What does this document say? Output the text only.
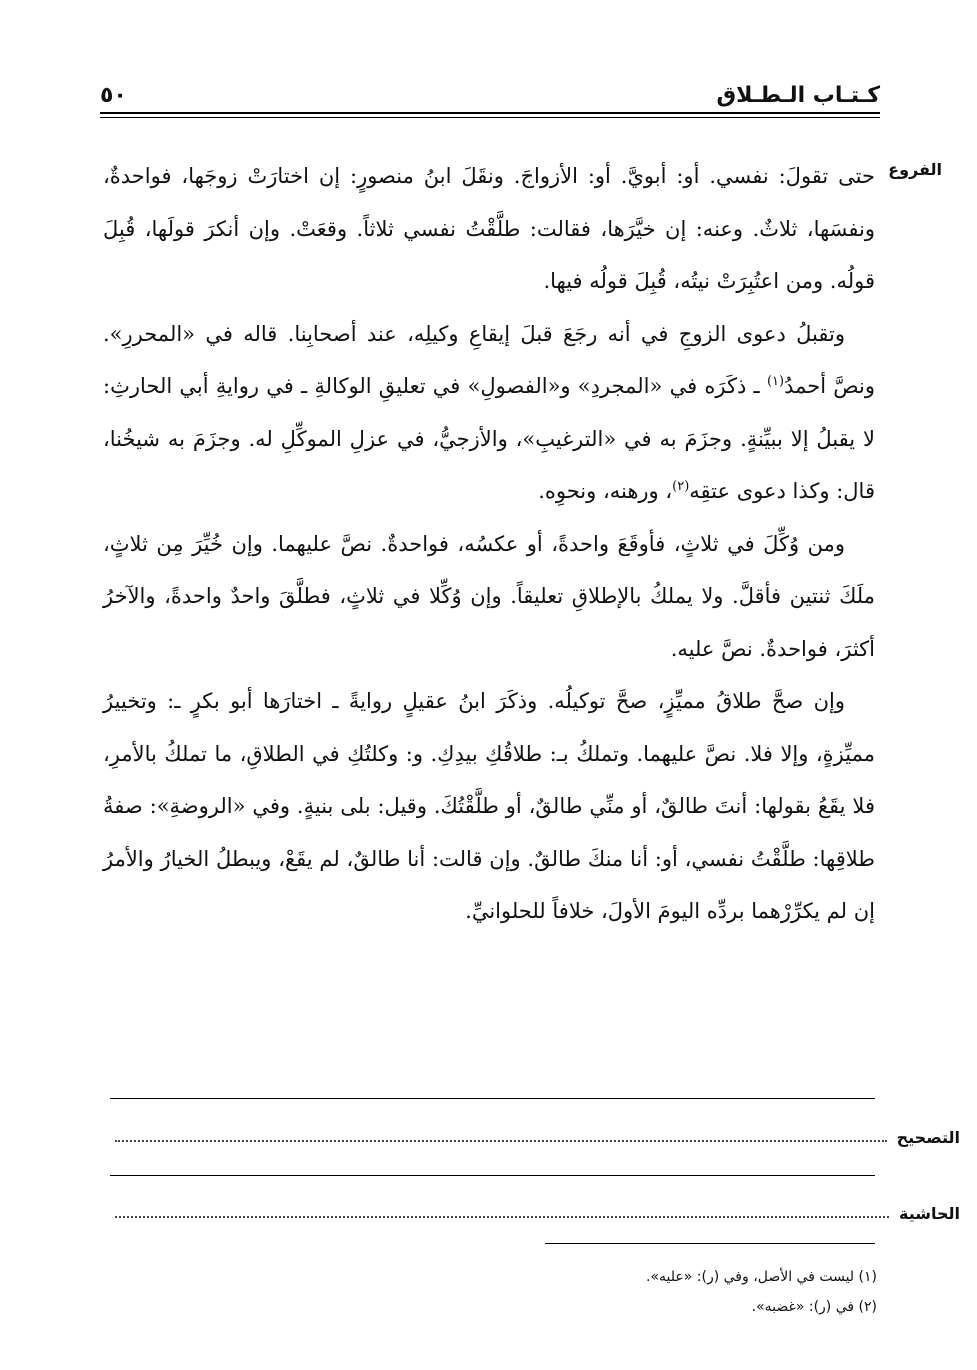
كـتـاب الـطـلاق
٥٠
الفروع

حتى تقولَ: نفسي. أو: أبويَّ. أو: الأزواجَ. ونقَلَ ابنُ منصورٍ: إن اختارَتْ زوجَها، فواحدةٌ، ونفسَها، ثلاثٌ. وعنه: إن خيَّرَها، فقالت: طلَّقْتُ نفسي ثلاثاً. وقعَتْ. وإن أنكرَ قولَها، قُبِلَ قولُه. ومن اعتُبِرَتْ نيتُه، قُبِلَ قولُه فيها.

وتقبلُ دعوى الزوجِ في أنه رجَعَ قبلَ إيقاعِ وكيلِه، عند أصحابِنا. قاله في «المحررِ». ونصَّ أحمدُ$^{(١)}$ ـ ذكَرَه في «المجردِ» و«الفصولِ» في تعليقِ الوكالةِ ـ في روايةِ أبي الحارثِ: لا يقبلُ إلا ببيِّنةٍ. وجزَمَ به في «الترغيبِ»، والأزجيُّ، في عزلِ الموكِّلِ له. وجزَمَ به شيخُنا، قال: وكذا دعوى عتقِه$^{(٢)}$، ورهنه، ونحوِه.

ومن وُكِّلَ في ثلاثٍ، فأوقَعَ واحدةً، أو عكسُه، فواحدةٌ. نصَّ عليهما. وإن خُيِّرَ مِن ثلاثٍ، ملَكَ ثنتين فأقلَّ. ولا يملكُ بالإطلاقِ تعليقاً. وإن وُكِّلا في ثلاثٍ، فطلَّقَ واحدٌ واحدةً، والآخرُ أكثرَ، فواحدةٌ. نصَّ عليه.

وإن صحَّ طلاقُ مميِّزٍ، صحَّ توكيلُه. وذكَرَ ابنُ عقيلٍ روايةً ـ اختارَها أبو بكرٍ ـ: وتخييرُ مميِّزةٍ، وإلا فلا. نصَّ عليهما. وتملكُ بـ: طلاقُكِ بيدِكِ. و: وكلتُكِ في الطلاقِ، ما تملكُ بالأمرِ، فلا يقَعُ بقولها: أنتَ طالقٌ، أو منِّي طالقٌ، أو طلَّقْتُكَ. وقيل: بلى بنيةٍ. وفي «الروضةِ»: صفةُ طلاقِها: طلَّقْتُ نفسي، أو: أنا منكَ طالقٌ. وإن قالت: أنا طالقٌ، لم يقَعْ، ويبطلُ الخيارُ والأمرُ إن لم يكرِّرْهما بردِّه اليومَ الأولَ، خلافاً للحلوانيِّ.

التصحيح
الحاشية
(١) ليست في الأصل، وفي (ر): «عليه».
(٢) في (ر): «غضبه».
